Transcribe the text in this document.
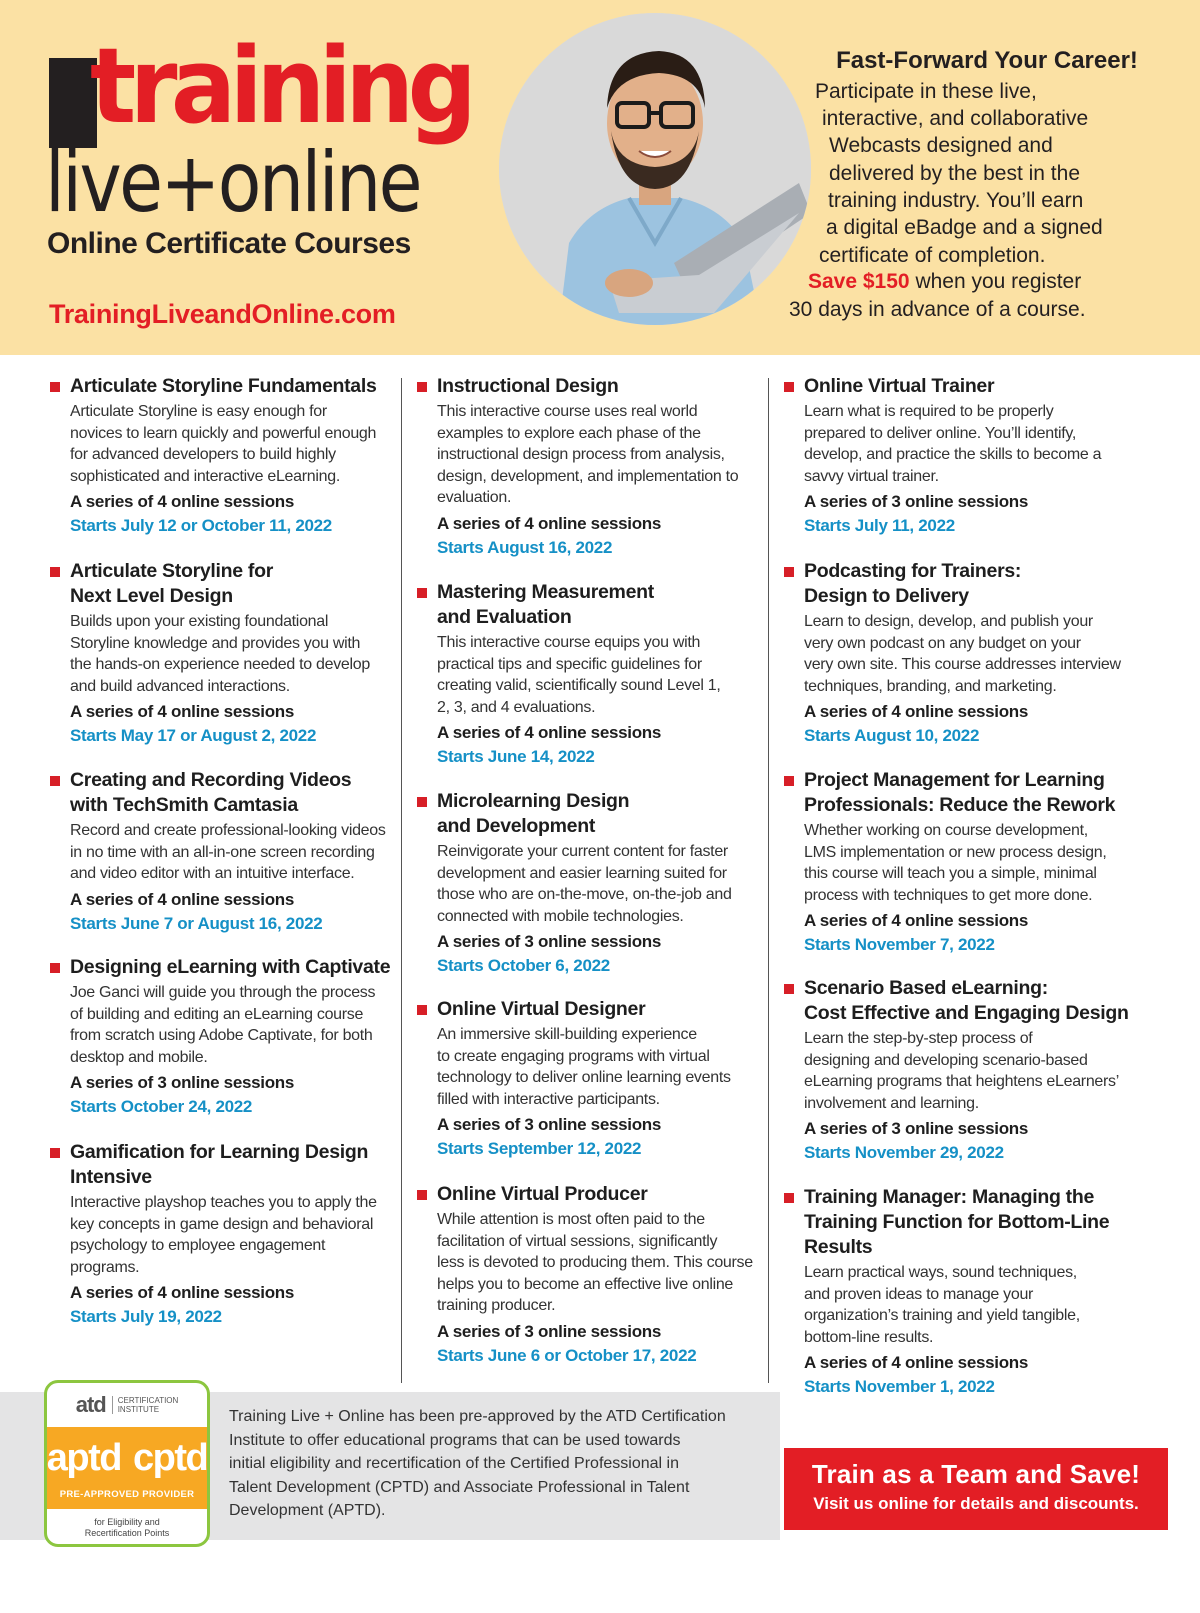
training
live+online
Online Certificate Courses
TrainingLiveandOnline.com
Fast-Forward Your Career!
Participate in these live,
interactive, and collaborative
Webcasts designed and
delivered by the best in the
training industry. You’ll earn
a digital eBadge and a signed
certificate of completion.
Save $150 when you register
30 days in advance of a course.
Articulate Storyline Fundamentals
Articulate Storyline is easy enough for
novices to learn quickly and powerful enough
for advanced developers to build highly
sophisticated and interactive eLearning.
A series of 4 online sessions
Starts July 12 or October 11, 2022
Articulate Storyline for
Next Level Design
Builds upon your existing foundational
Storyline knowledge and provides you with
the hands-on experience needed to develop
and build advanced interactions.
A series of 4 online sessions
Starts May 17 or August 2, 2022
Creating and Recording Videos
with TechSmith Camtasia
Record and create professional-looking videos
in no time with an all-in-one screen recording
and video editor with an intuitive interface.
A series of 4 online sessions
Starts June 7 or August 16, 2022
Designing eLearning with Captivate
Joe Ganci will guide you through the process
of building and editing an eLearning course
from scratch using Adobe Captivate, for both
desktop and mobile.
A series of 3 online sessions
Starts October 24, 2022
Gamification for Learning Design
Intensive
Interactive playshop teaches you to apply the
key concepts in game design and behavioral
psychology to employee engagement
programs.
A series of 4 online sessions
Starts July 19, 2022
Instructional Design
This interactive course uses real world
examples to explore each phase of the
instructional design process from analysis,
design, development, and implementation to
evaluation.
A series of 4 online sessions
Starts August 16, 2022
Mastering Measurement
and Evaluation
This interactive course equips you with
practical tips and specific guidelines for
creating valid, scientifically sound Level 1,
2, 3, and 4 evaluations.
A series of 4 online sessions
Starts June 14, 2022
Microlearning Design
and Development
Reinvigorate your current content for faster
development and easier learning suited for
those who are on-the-move, on-the-job and
connected with mobile technologies.
A series of 3 online sessions
Starts October 6, 2022
Online Virtual Designer
An immersive skill-building experience
to create engaging programs with virtual
technology to deliver online learning events
filled with interactive participants.
A series of 3 online sessions
Starts September 12, 2022
Online Virtual Producer
While attention is most often paid to the
facilitation of virtual sessions, significantly
less is devoted to producing them. This course
helps you to become an effective live online
training producer.
A series of 3 online sessions
Starts June 6 or October 17, 2022
Online Virtual Trainer
Learn what is required to be properly
prepared to deliver online. You’ll identify,
develop, and practice the skills to become a
savvy virtual trainer.
A series of 3 online sessions
Starts July 11, 2022
Podcasting for Trainers:
Design to Delivery
Learn to design, develop, and publish your
very own podcast on any budget on your
very own site. This course addresses interview
techniques, branding, and marketing.
A series of 4 online sessions
Starts August 10, 2022
Project Management for Learning
Professionals: Reduce the Rework
Whether working on course development,
LMS implementation or new process design,
this course will teach you a simple, minimal
process with techniques to get more done.
A series of 4 online sessions
Starts November 7, 2022
Scenario Based eLearning:
Cost Effective and Engaging Design
Learn the step-by-step process of
designing and developing scenario-based
eLearning programs that heightens eLearners’
involvement and learning.
A series of 3 online sessions
Starts November 29, 2022
Training Manager: Managing the
Training Function for Bottom-Line
Results
Learn practical ways, sound techniques,
and proven ideas to manage your
organization’s training and yield tangible,
bottom-line results.
A series of 4 online sessions
Starts November 1, 2022
atd	CERTIFICATION
INSTITUTE
aptd cptd
PRE-APPROVED PROVIDER
for Eligibility and
Recertification Points
Training Live + Online has been pre-approved by the ATD Certification
Institute to offer educational programs that can be used towards
initial eligibility and recertification of the Certified Professional in
Talent Development (CPTD) and Associate Professional in Talent
Development (APTD).
Train as a Team and Save!
Visit us online for details and discounts.
